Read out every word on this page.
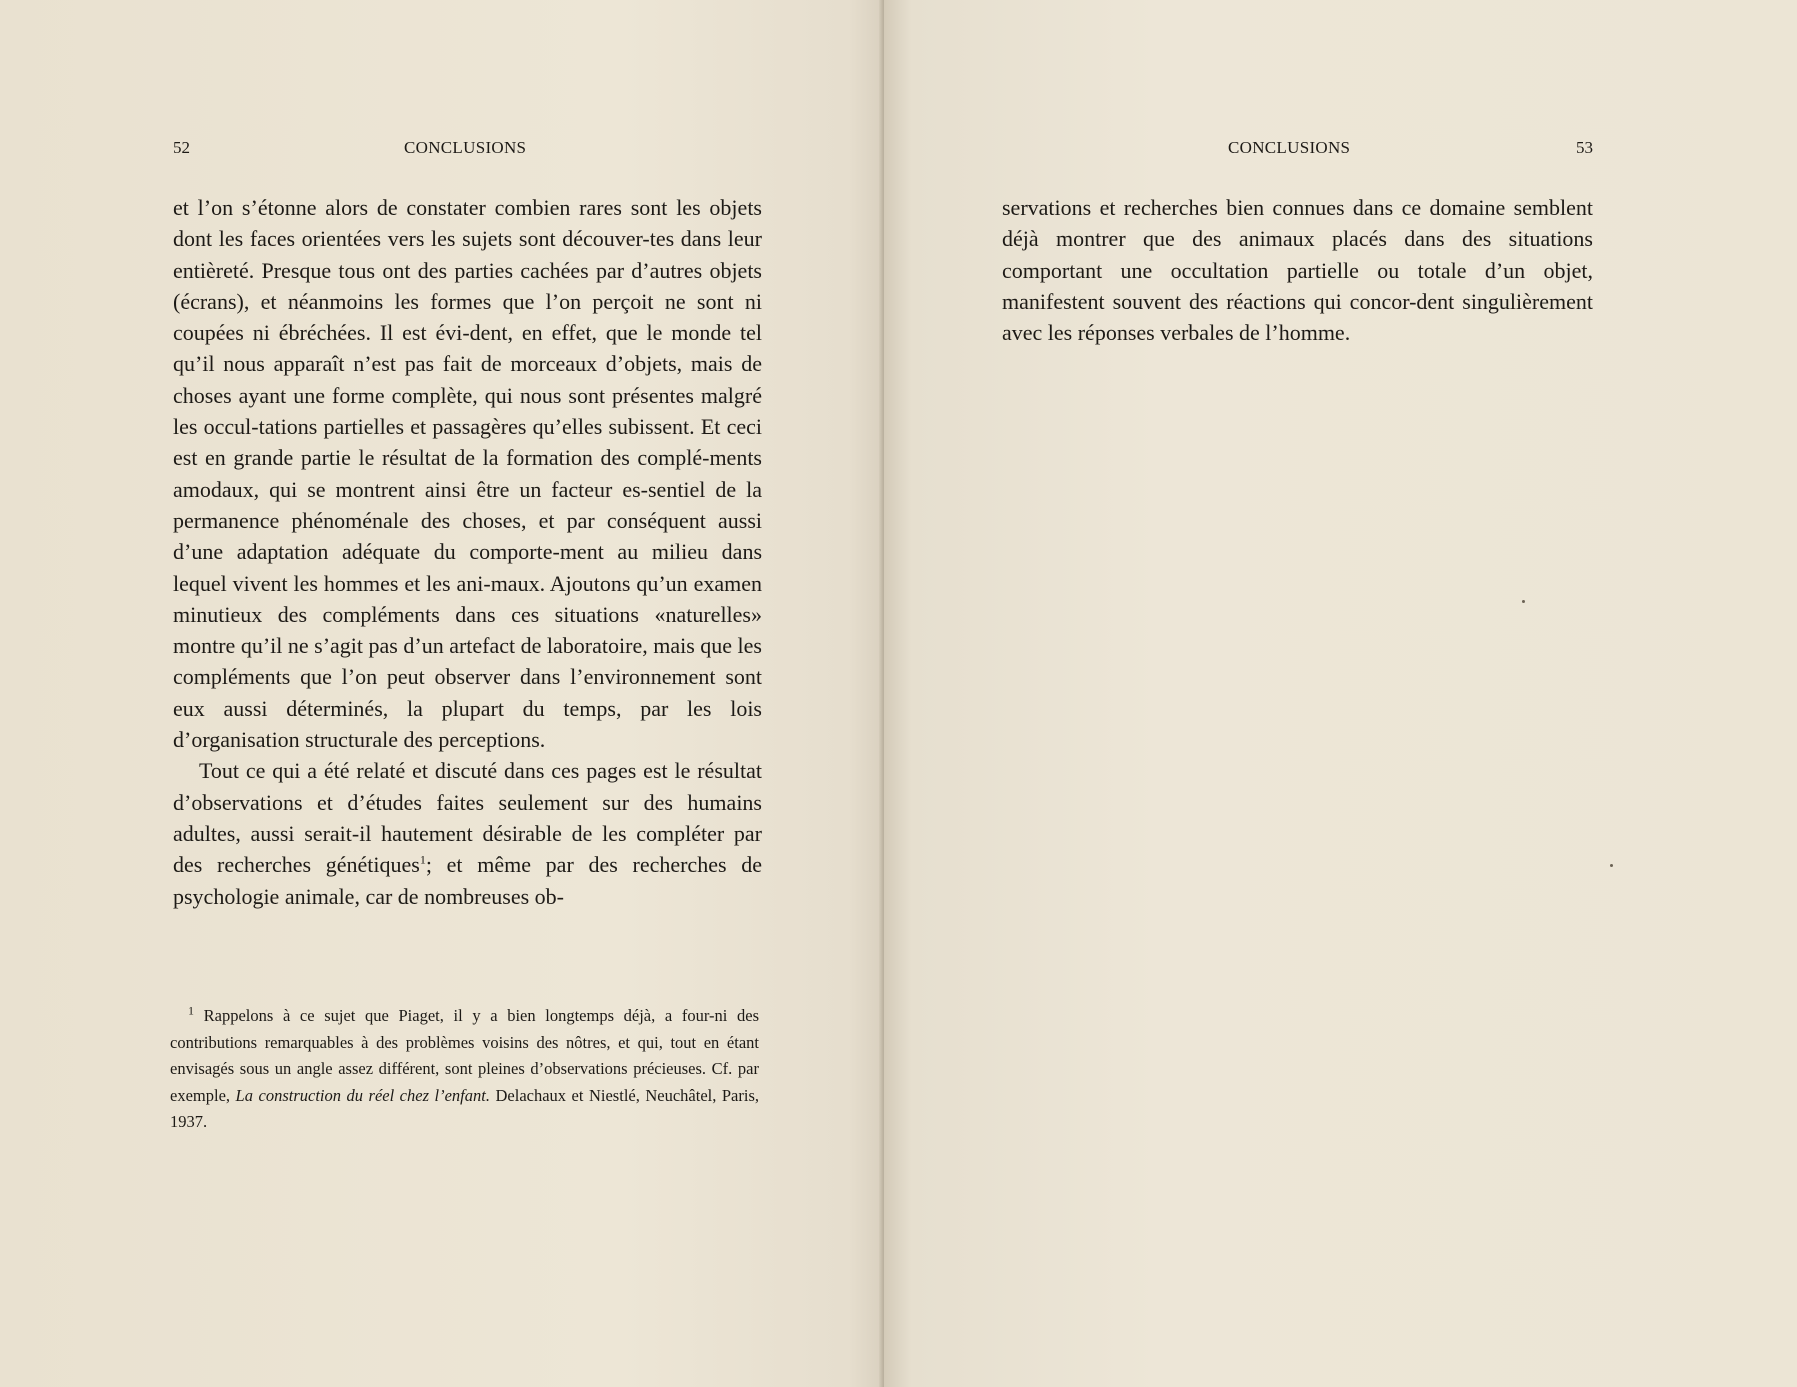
52	CONCLUSIONS

et l’on s’étonne alors de constater combien rares sont les objets dont les faces orientées vers les sujets sont découver-tes dans leur entièreté. Presque tous ont des parties cachées par d’autres objets (écrans), et néanmoins les formes que l’on perçoit ne sont ni coupées ni ébréchées. Il est évi-dent, en effet, que le monde tel qu’il nous apparaît n’est pas fait de morceaux d’objets, mais de choses ayant une forme complète, qui nous sont présentes malgré les occul-tations partielles et passagères qu’elles subissent. Et ceci est en grande partie le résultat de la formation des complé-ments amodaux, qui se montrent ainsi être un facteur es-sentiel de la permanence phénoménale des choses, et par conséquent aussi d’une adaptation adéquate du comporte-ment au milieu dans lequel vivent les hommes et les ani-maux. Ajoutons qu’un examen minutieux des compléments dans ces situations «naturelles» montre qu’il ne s’agit pas d’un artefact de laboratoire, mais que les compléments que l’on peut observer dans l’environnement sont eux aussi déterminés, la plupart du temps, par les lois d’organisation structurale des perceptions.

Tout ce qui a été relaté et discuté dans ces pages est le résultat d’observations et d’études faites seulement sur des humains adultes, aussi serait-il hautement désirable de les compléter par des recherches génétiques$^1$; et même par des recherches de psychologie animale, car de nombreuses ob-

$^1$ Rappelons à ce sujet que Piaget, il y a bien longtemps déjà, a four-ni des contributions remarquables à des problèmes voisins des nôtres, et qui, tout en étant envisagés sous un angle assez différent, sont pleines d’observations précieuses. Cf. par exemple, La construction du réel chez l’enfant. Delachaux et Niestlé, Neuchâtel, Paris, 1937.

CONCLUSIONS	53

servations et recherches bien connues dans ce domaine semblent déjà montrer que des animaux placés dans des situations comportant une occultation partielle ou totale d’un objet, manifestent souvent des réactions qui concor-dent singulièrement avec les réponses verbales de l’homme.
